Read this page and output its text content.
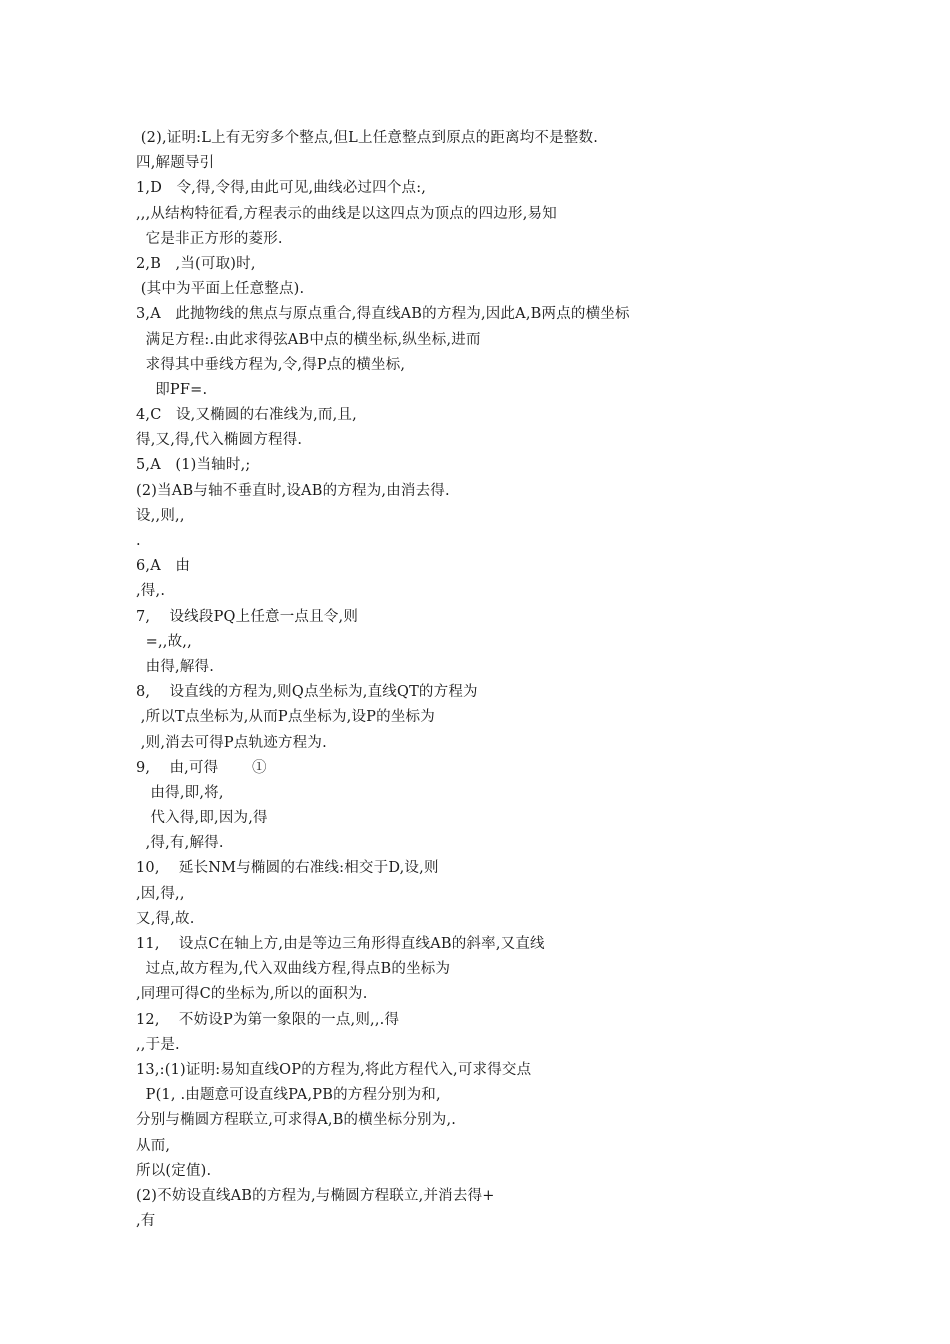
(2),证明:L上有无穷多个整点,但L上任意整点到原点的距离均不是整数.
四,解题导引
1,D   令,得,令得,由此可见,曲线必过四个点:,
,,,从结构特征看,方程表示的曲线是以这四点为顶点的四边形,易知
它是非正方形的菱形.
2,B   ,当(可取)时,
(其中为平面上任意整点).
3,A   此抛物线的焦点与原点重合,得直线AB的方程为,因此A,B两点的横坐标
满足方程:.由此求得弦AB中点的横坐标,纵坐标,进而
求得其中垂线方程为,令,得P点的横坐标,
即PF=.
4,C   设,又椭圆的右准线为,而,且,
得,又,得,代入椭圆方程得.
5,A   (1)当轴时,;
(2)当AB与轴不垂直时,设AB的方程为,由消去得.
设,,则,,
.
6,A   由
,得,.
7,    设线段PQ上任意一点且令,则
=,,故,,
由得,解得.
8,    设直线的方程为,则Q点坐标为,直线QT的方程为
,所以T点坐标为,从而P点坐标为,设P的坐标为
,则,消去可得P点轨迹方程为.
9,    由,可得       ①
由得,即,将,
代入得,即,因为,得
,得,有,解得.
10,    延长NM与椭圆的右准线:相交于D,设,则
,因,得,,
又,得,故.
11,    设点C在轴上方,由是等边三角形得直线AB的斜率,又直线
过点,故方程为,代入双曲线方程,得点B的坐标为
,同理可得C的坐标为,所以的面积为.
12,    不妨设P为第一象限的一点,则,,.得
,,于是.
13,:(1)证明:易知直线OP的方程为,将此方程代入,可求得交点
P(1, .由题意可设直线PA,PB的方程分别为和,
分别与椭圆方程联立,可求得A,B的横坐标分别为,.
从而,
所以(定值).
(2)不妨设直线AB的方程为,与椭圆方程联立,并消去得+
,有
